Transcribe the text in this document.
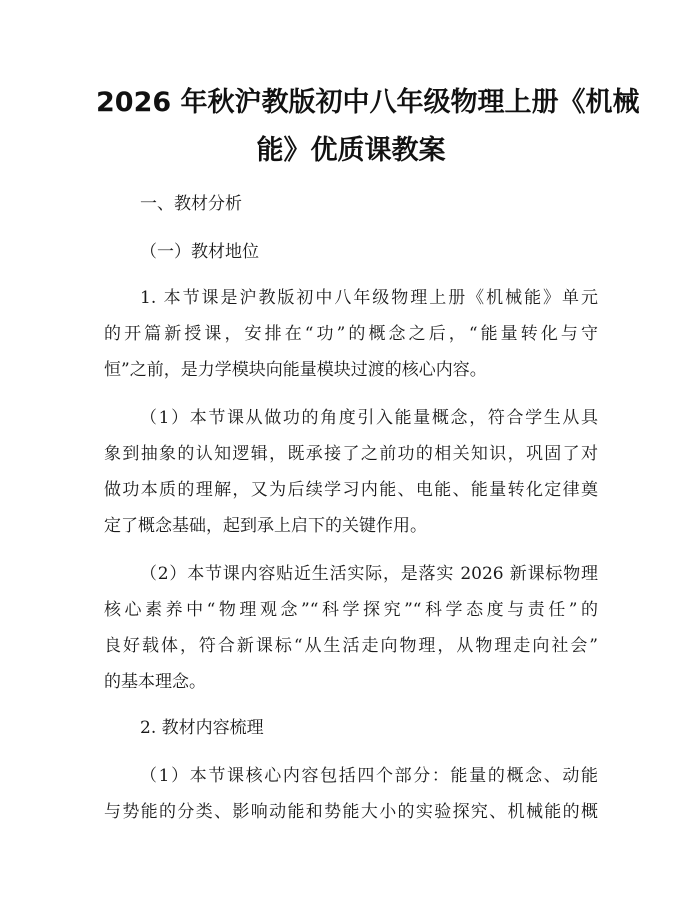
2026 年秋沪教版初中八年级物理上册《机械
能》优质课教案
一、教材分析
（一）教材地位
1. 本节课是沪教版初中八年级物理上册《机械能》单元
的开篇新授课，安排在“功”的概念之后，“能量转化与守
恒”之前，是力学模块向能量模块过渡的核心内容。
（1）本节课从做功的角度引入能量概念，符合学生从具
象到抽象的认知逻辑，既承接了之前功的相关知识，巩固了对
做功本质的理解，又为后续学习内能、电能、能量转化定律奠
定了概念基础，起到承上启下的关键作用。
（2）本节课内容贴近生活实际，是落实 2026 新课标物理
核心素养中“物理观念”“科学探究”“科学态度与责任”的
良好载体，符合新课标“从生活走向物理，从物理走向社会”
的基本理念。
2. 教材内容梳理
（1）本节课核心内容包括四个部分：能量的概念、动能
与势能的分类、影响动能和势能大小的实验探究、机械能的概
